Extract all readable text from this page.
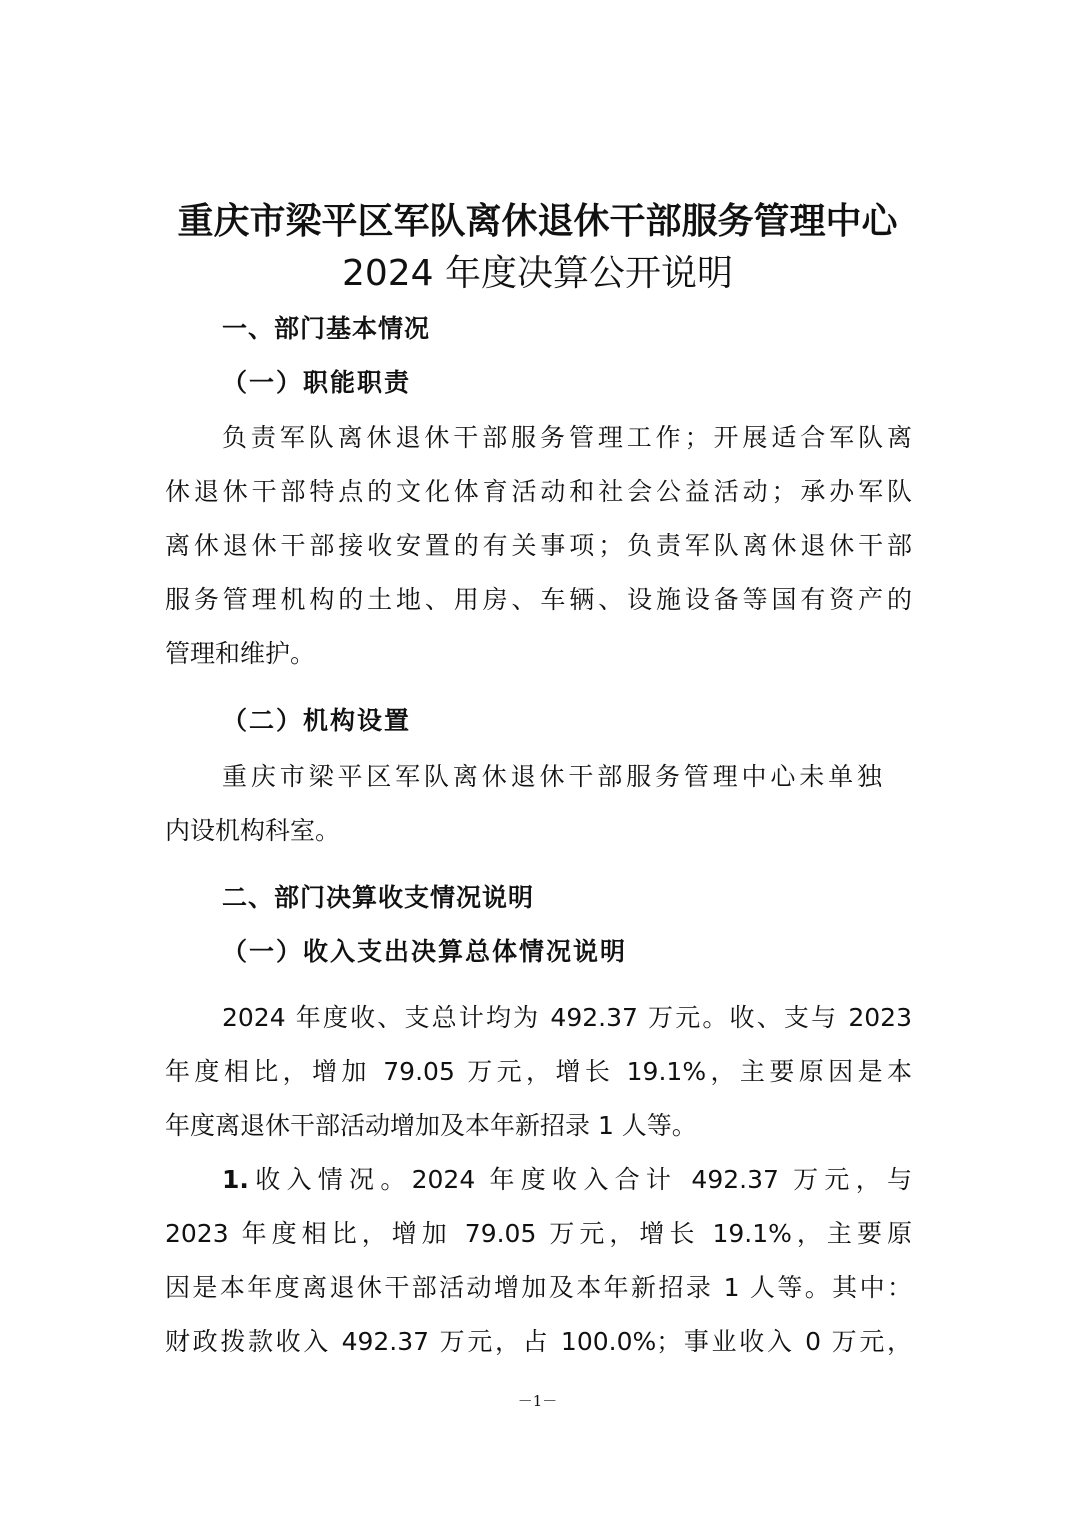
重庆市梁平区军队离休退休干部服务管理中心
2024 年度决算公开说明
一、部门基本情况
（一）职能职责
负责军队离休退休干部服务管理工作；开展适合军队离
休退休干部特点的文化体育活动和社会公益活动；承办军队
离休退休干部接收安置的有关事项；负责军队离休退休干部
服务管理机构的土地、用房、车辆、设施设备等国有资产的
管理和维护。
（二）机构设置
重庆市梁平区军队离休退休干部服务管理中心未单独
内设机构科室。
二、部门决算收支情况说明
（一）收入支出决算总体情况说明
2024 年度收、支总计均为 492.37 万元。收、支与 2023
年度相比，增加 79.05 万元，增长 19.1%，主要原因是本
年度离退休干部活动增加及本年新招录 1 人等。
1.收入情况。2024 年度收入合计 492.37 万元，与
2023 年度相比，增加 79.05 万元，增长 19.1%，主要原
因是本年度离退休干部活动增加及本年新招录 1 人等。其中：
财政拨款收入 492.37 万元，占 100.0%；事业收入 0 万元，
－1－
